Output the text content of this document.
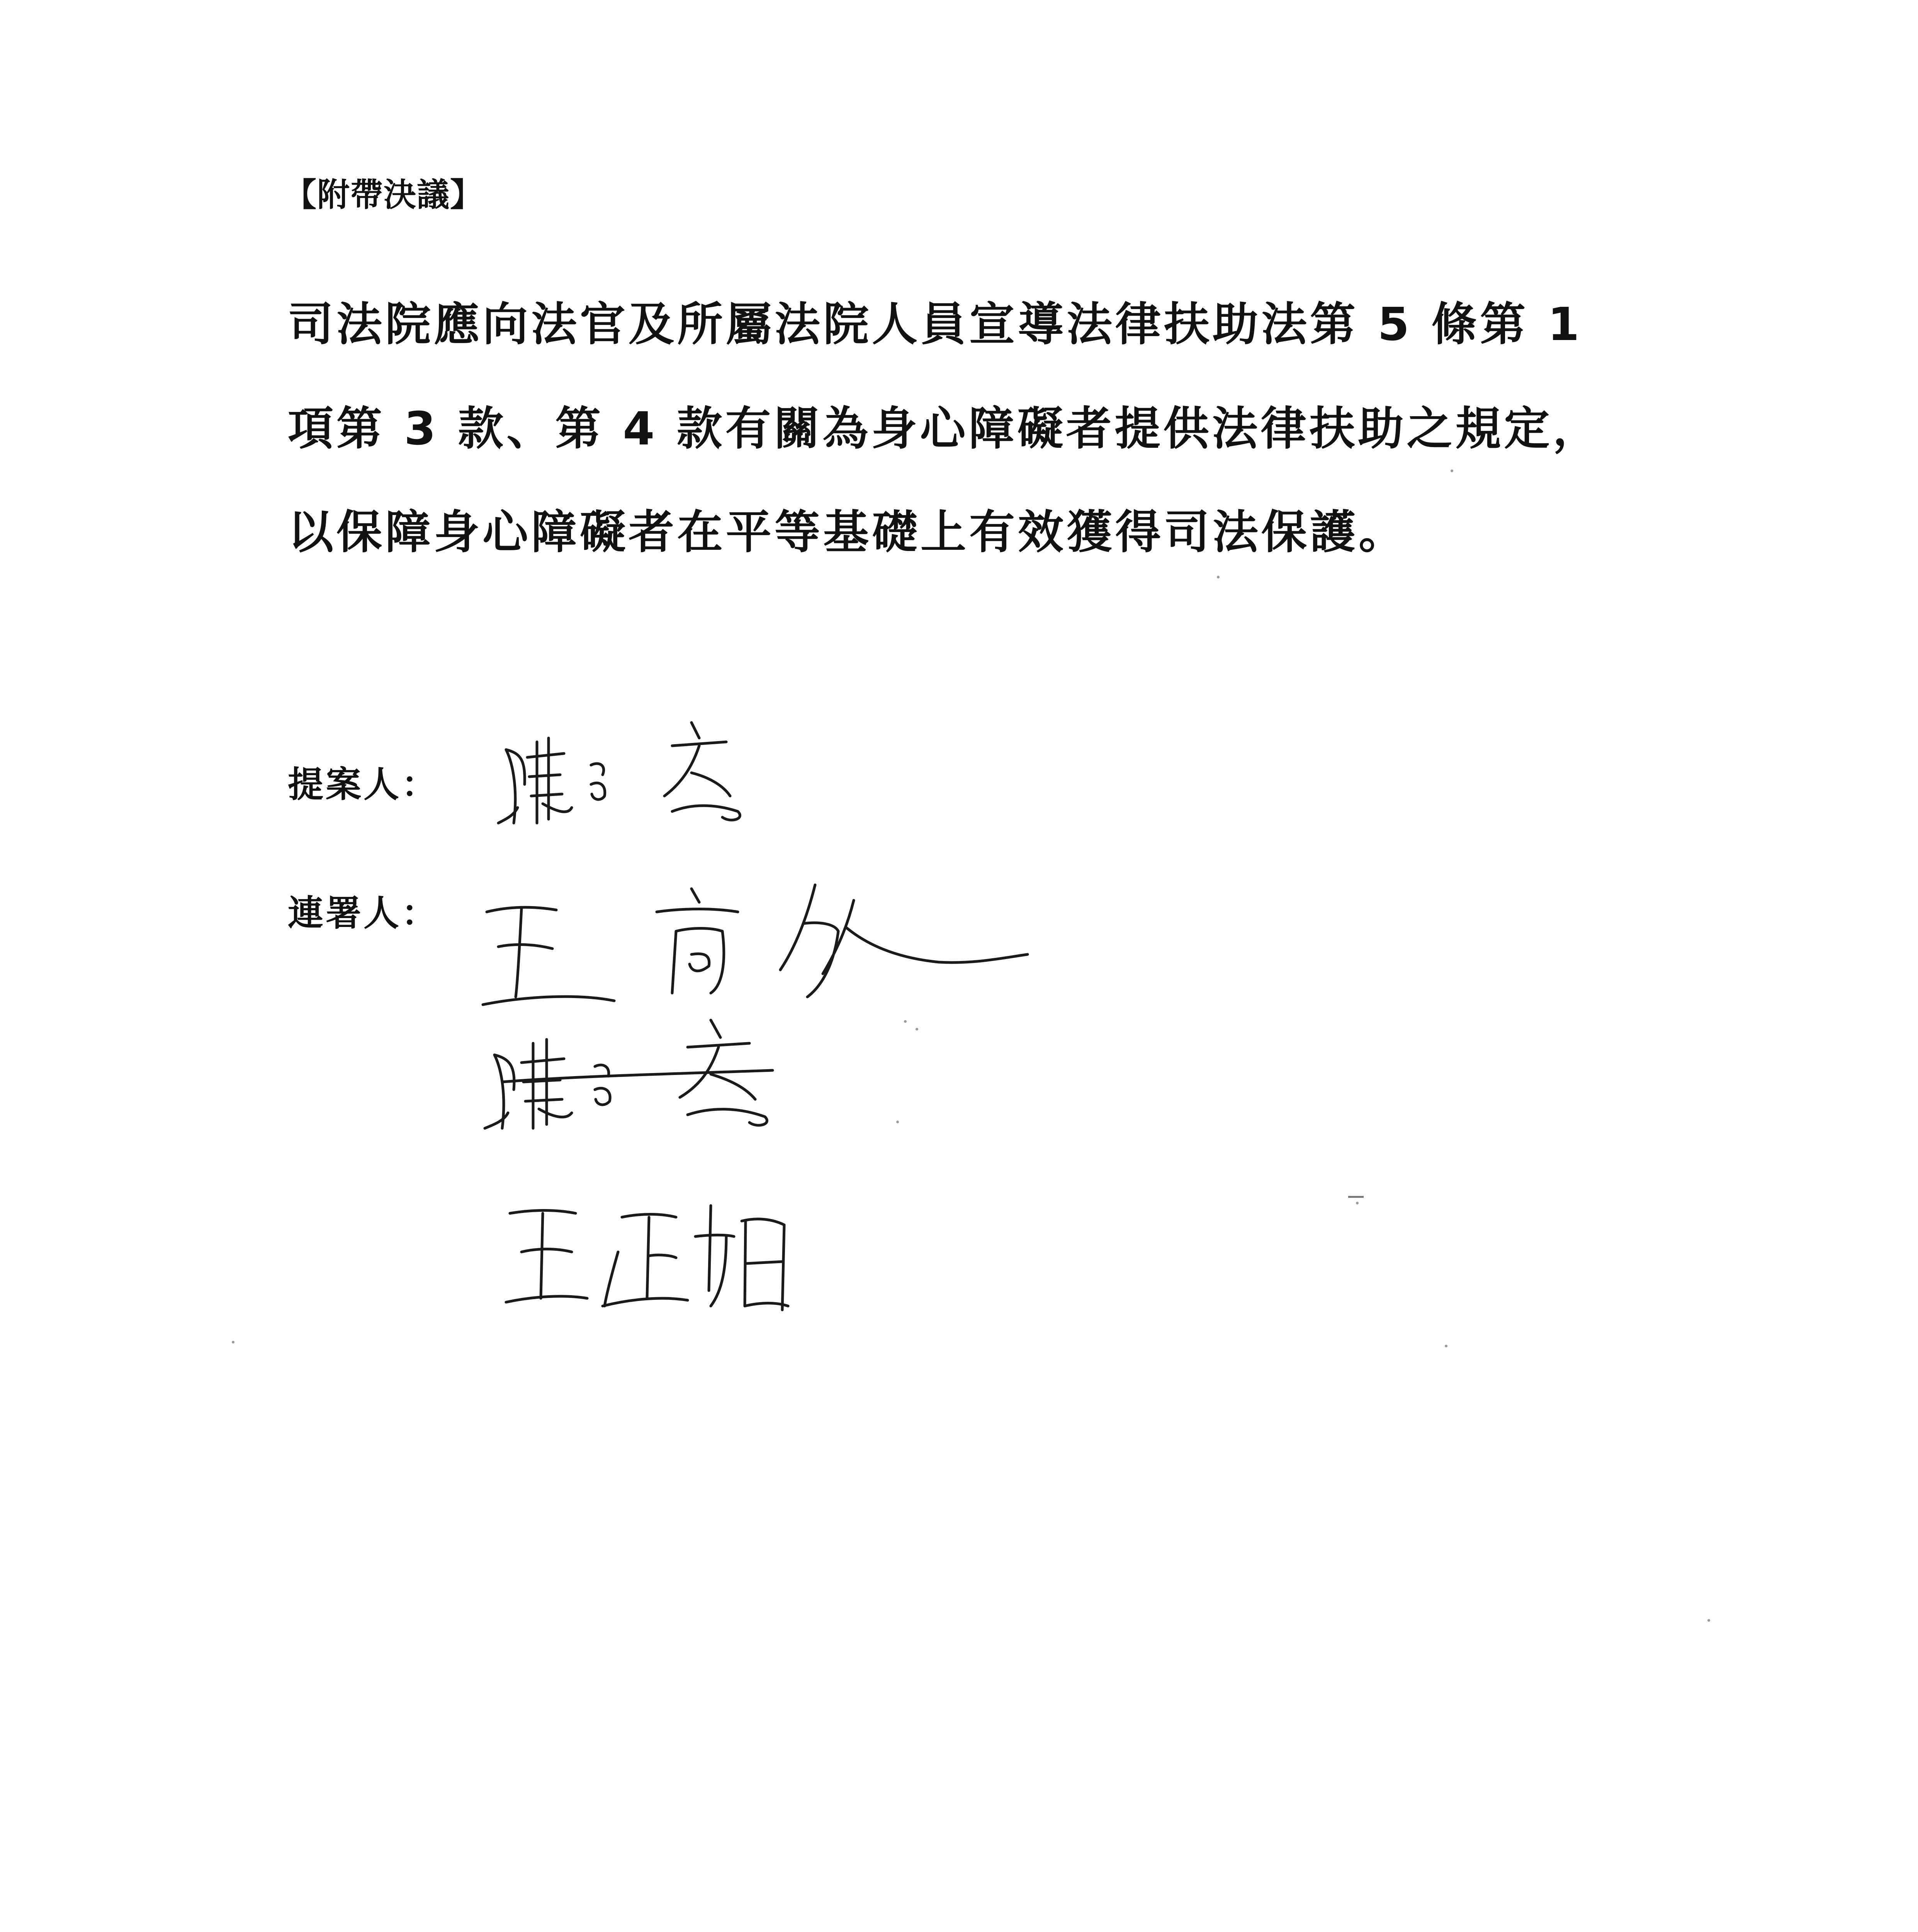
【附帶決議】
司法院應向法官及所屬法院人員宣導法律扶助法第 5 條第 1
項第 3 款、第 4 款有關為身心障礙者提供法律扶助之規定，
以保障身心障礙者在平等基礎上有效獲得司法保護。
提案人：
連署人：
